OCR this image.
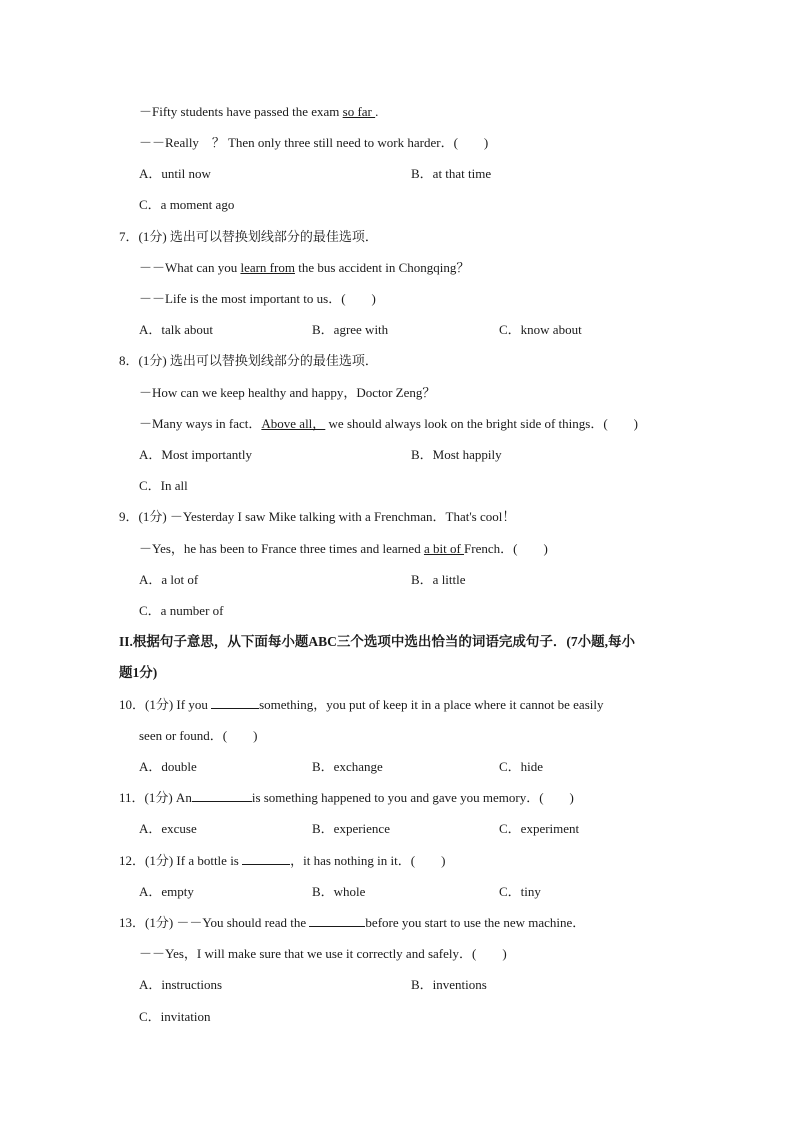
－Fifty students have passed the exam so far .
－－Really　？ Then only three still need to work harder．(　　)
A．until now	B．at that time
C．a moment ago
7．(1分) 选出可以替换划线部分的最佳选项．
－－What can you learn from the bus accident in Chongqing？
－－Life is the most important to us．(　　)
A．talk about	B．agree with	C．know about
8．(1分) 选出可以替换划线部分的最佳选项．
－How can we keep healthy and happy，Doctor Zeng？
－Many ways in fact．Above all， we should always look on the bright side of things．(　　)
A．Most importantly	B．Most happily
C．In all
9．(1分) －Yesterday I saw Mike talking with a Frenchman．That's cool！
－Yes，he has been to France three times and learned a bit of French．(　　)
A．a lot of	B．a little
C．a number of
II.根据句子意思，从下面每小题ABC三个选项中选出恰当的词语完成句子．(7小题,每小
题1分)
10．(1分) If you	something，you put of keep it in a place where it cannot be easily
seen or found．(　　)
A．double	B．exchange	C．hide
11．(1分) An	is something happened to you and gave you memory．(　　)
A．excuse	B．experience	C．experiment
12．(1分) If a bottle is	，it has nothing in it．(　　)
A．empty	B．whole	C．tiny
13．(1分) －－You should read the	before you start to use the new machine．
－－Yes，I will make sure that we use it correctly and safely．(　　)
A．instructions	B．inventions
C．invitation
